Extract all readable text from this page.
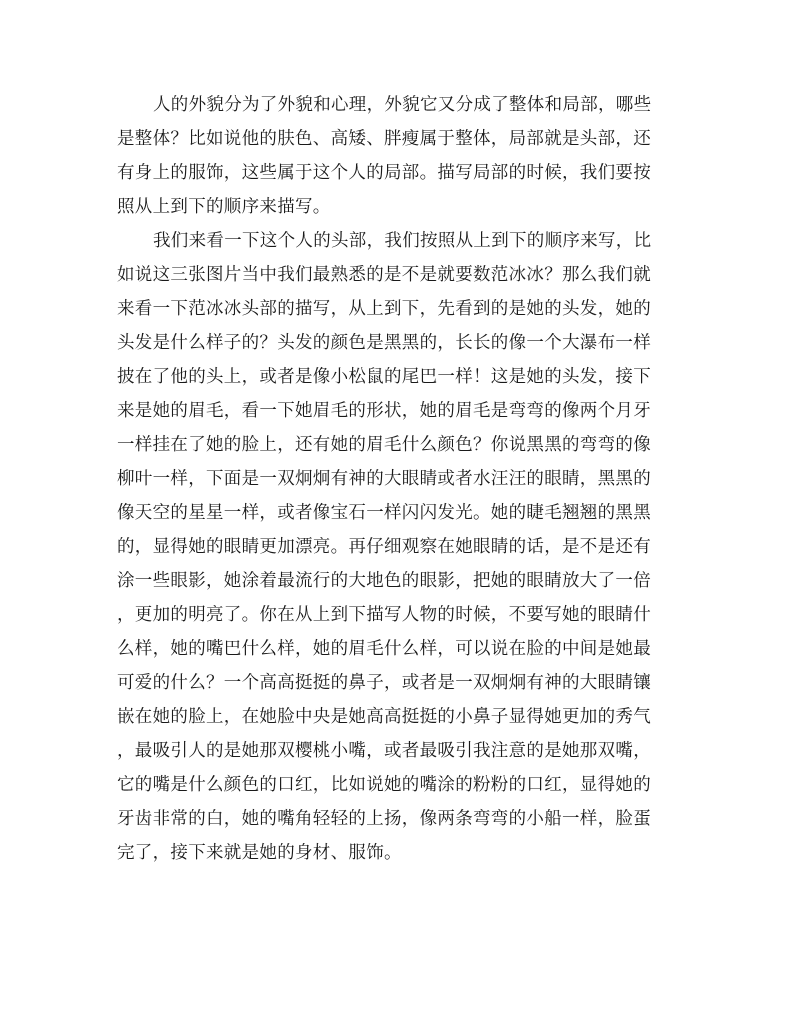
人的外貌分为了外貌和心理，外貌它又分成了整体和局部，哪些
是整体？比如说他的肤色、高矮、胖瘦属于整体，局部就是头部，还
有身上的服饰，这些属于这个人的局部。描写局部的时候，我们要按
照从上到下的顺序来描写。
我们来看一下这个人的头部，我们按照从上到下的顺序来写，比
如说这三张图片当中我们最熟悉的是不是就要数范冰冰？那么我们就
来看一下范冰冰头部的描写，从上到下，先看到的是她的头发，她的
头发是什么样子的？头发的颜色是黑黑的，长长的像一个大瀑布一样
披在了他的头上，或者是像小松鼠的尾巴一样！这是她的头发，接下
来是她的眉毛，看一下她眉毛的形状，她的眉毛是弯弯的像两个月牙
一样挂在了她的脸上，还有她的眉毛什么颜色？你说黑黑的弯弯的像
柳叶一样，下面是一双炯炯有神的大眼睛或者水汪汪的眼睛，黑黑的
像天空的星星一样，或者像宝石一样闪闪发光。她的睫毛翘翘的黑黑
的，显得她的眼睛更加漂亮。再仔细观察在她眼睛的话，是不是还有
涂一些眼影，她涂着最流行的大地色的眼影，把她的眼睛放大了一倍
，更加的明亮了。你在从上到下描写人物的时候，不要写她的眼睛什
么样，她的嘴巴什么样，她的眉毛什么样，可以说在脸的中间是她最
可爱的什么？一个高高挺挺的鼻子，或者是一双炯炯有神的大眼睛镶
嵌在她的脸上，在她脸中央是她高高挺挺的小鼻子显得她更加的秀气
，最吸引人的是她那双樱桃小嘴，或者最吸引我注意的是她那双嘴，
它的嘴是什么颜色的口红，比如说她的嘴涂的粉粉的口红，显得她的
牙齿非常的白，她的嘴角轻轻的上扬，像两条弯弯的小船一样，脸蛋
完了，接下来就是她的身材、服饰。
